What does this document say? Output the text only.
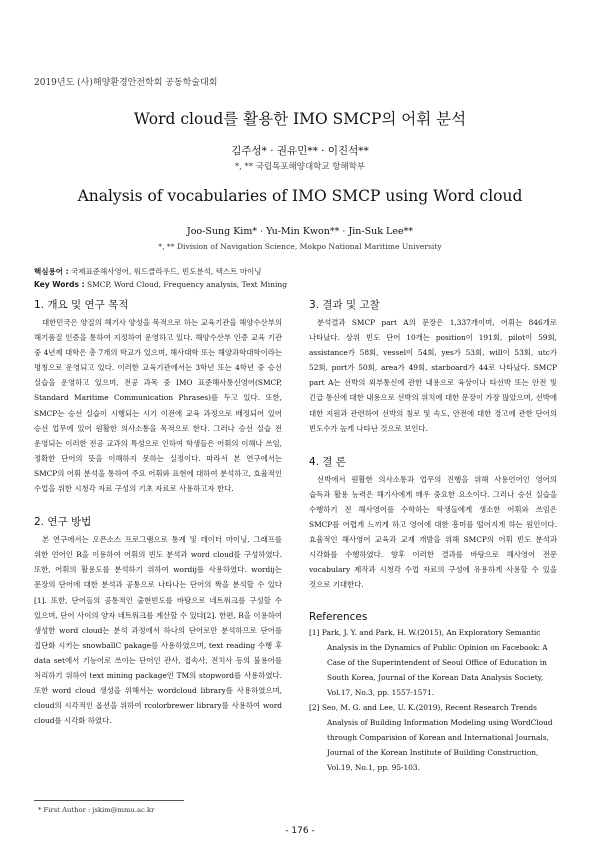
2019년도 (사)해양환경안전학회 공동학술대회
Word cloud를 활용한 IMO SMCP의 어휘 분석
김주성* · 권유민** · 이진석**
*, ** 국립목포해양대학교 항해학부
Analysis of vocabularies of IMO SMCP using Word cloud
Joo-Sung Kim* · Yu-Min Kwon** · Jin-Suk Lee**
*, ** Division of Navigation Science, Mokpo National Maritime University
핵심용어 : 국제표준해사영어, 워드클라우드, 빈도분석, 텍스트 마이닝
Key Words : SMCP, Word Cloud, Frequency analysis, Text Mining
1. 개요 및 연구 목적

대한민국은 양질의 해기사 양성을 목적으로 하는 교육기관을 해양수산부의 해기품질 인증을 통하여 지정하여 운영하고 있다. 해양수산부 인증 교육 기관 중 4년제 대학은 총 7개의 학교가 있으며, 해사대학 또는 해양과학대학이라는 명칭으로 운영되고 있다. 이러한 교육기관에서는 3학년 또는 4학년 중 승선 실습을 운영하고 있으며, 전공 과목 중 IMO 표준해사통신영어(SMCP, Standard Maritime Communication Phrases)를 두고 있다. 또한, SMCP는 승선 실습이 시행되는 시기 이전에 교육 과정으로 배정되어 있어 승선 업무에 있어 원활한 의사소통을 목적으로 한다. 그러나 승선 실습 전 운영되는 이러한 전공 교과의 특성으로 인하여 학생들은 어휘의 이해나 쓰임, 정확한 단어의 뜻을 이해하지 못하는 실정이다. 따라서 본 연구에서는 SMCP의 어휘 분석을 통하여 주요 어휘와 표현에 대하여 분석하고, 효율적인 수업을 위한 시청각 자료 구성의 기초 자료로 사용하고자 한다.

2. 연구 방법

본 연구에서는 오픈소스 프로그램으로 통계 및 데이터 마이닝, 그래프를 위한 언어인 R을 이용하여 어휘의 빈도 분석과 word cloud를 구성하였다. 또한, 어휘의 활용도를 분석하기 위하여 wordij를 사용하였다. wordij는 문장의 단어에 대한 분석과 공통으로 나타나는 단어의 짝을 분석할 수 있다[1]. 또한, 단어들의 공통적인 출현빈도를 바탕으로 네트워크를 구성할 수 있으며, 단어 사이의 양자 네트워크를 계산할 수 있다[2]. 한편, R을 이용하여 생성한 word cloud는 분석 과정에서 하나의 단어로만 분석하므로 단어를 집단화 시키는 snowballC pakage를 사용하였으며, text reading 수행 후 data set에서 기능어로 쓰이는 단어인 관사, 접속사, 전치사 등의 불용어를 처리하기 위하여 text mining package인 TM의 stopword를 사용하였다. 또한 word cloud 생성을 위해서는 wordcloud library를 사용하였으며, cloud의 시각적인 옵션을 위하여 rcolorbrewer library를 사용하여 word cloud를 시각화 하였다.

3. 결과 및 고찰

분석결과 SMCP part A의 문장은 1,337개이며, 어휘는 846개로 나타났다. 상위 빈도 단어 10개는 position이 191회, pilot이 59회, assistance가 58회, vessel이 54회, yes가 53회, will이 53회, utc가 52회, port가 50회, area가 49회, starboard가 44로 나타났다. SMCP part A는 선박의 외부통신에 관한 내용으로 육상이나 타선박 또는 안전 및 긴급 통신에 대한 내용으로 선박의 위치에 대한 문장이 가장 많았으며, 선박에 대한 지원과 관련하여 선박의 침로 및 속도, 안전에 대한 경고에 관한 단어의 빈도수가 높게 나타난 것으로 보인다.

4. 결 론

선박에서 원활한 의사소통과 업무의 진행을 위해 사용언어인 영어의 습득과 활용 능력은 해기사에게 매우 중요한 요소이다. 그러나 승선 실습을 수행하기 전 해사영어를 수학하는 학생들에게 생소한 어휘와 쓰임은 SMCP를 어렵게 느끼게 하고 영어에 대한 흥미를 떨어지게 하는 원인이다. 효율적인 해사영어 교육과 교재 개발을 위해 SMCP의 어휘 빈도 분석과 시각화를 수행하였다. 향후 이러한 결과를 바탕으로 해사영어 전문 vocabulary 제작과 시청각 수업 자료의 구성에 유용하게 사용할 수 있을 것으로 기대한다.

References

[1] Park, J. Y. and Park, H. W.(2015), An Exploratory Semantic Analysis in the Dynamics of Public Opinion on Facebook: A Case of the Superintendent of Seoul Office of Education in South Korea, Journal of the Korean Data Analysis Society, Vol.17, No.3, pp. 1557-1571.

[2] Seo, M. G. and Lee, U. K.(2019), Recent Research Trends Analysis of Building Information Modeling using WordCloud through Comparision of Korean and International Journals, Journal of the Korean Institute of Building Construction, Vol.19, No.1, pp. 95-103.

* First Author : jskim@mmu.ac.kr
- 176 -
